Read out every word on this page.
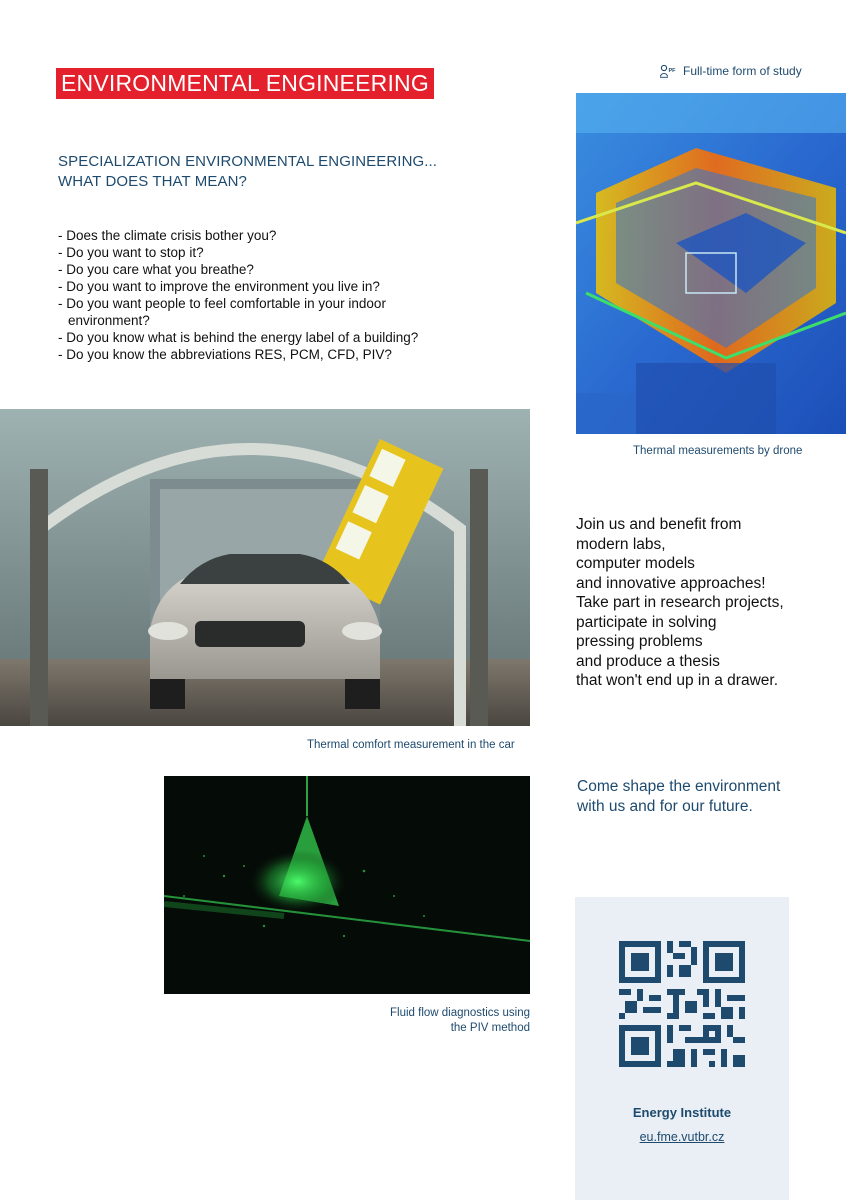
ENVIRONMENTAL ENGINEERING	PF Full-time form of study
SPECIALIZATION ENVIRONMENTAL ENGINEERING...
WHAT DOES THAT MEAN?
- Does the climate crisis bother you?
- Do you want to stop it?
- Do you care what you breathe?
- Do you want to improve the environment you live in?
- Do you want people to feel comfortable in your indoor environment?
- Do you know what is behind the energy label of a building?
- Do you know the abbreviations RES, PCM, CFD, PIV?
Thermal measurements by drone
Thermal comfort measurement in the car
Join us and benefit from
modern labs,
computer models
and innovative approaches!
Take part in research projects,
participate in solving
pressing problems
and produce a thesis
that won't end up in a drawer.
Come shape the environment
with us and for our future.
Fluid flow diagnostics using
the PIV method
Energy Institute
eu.fme.vutbr.cz
